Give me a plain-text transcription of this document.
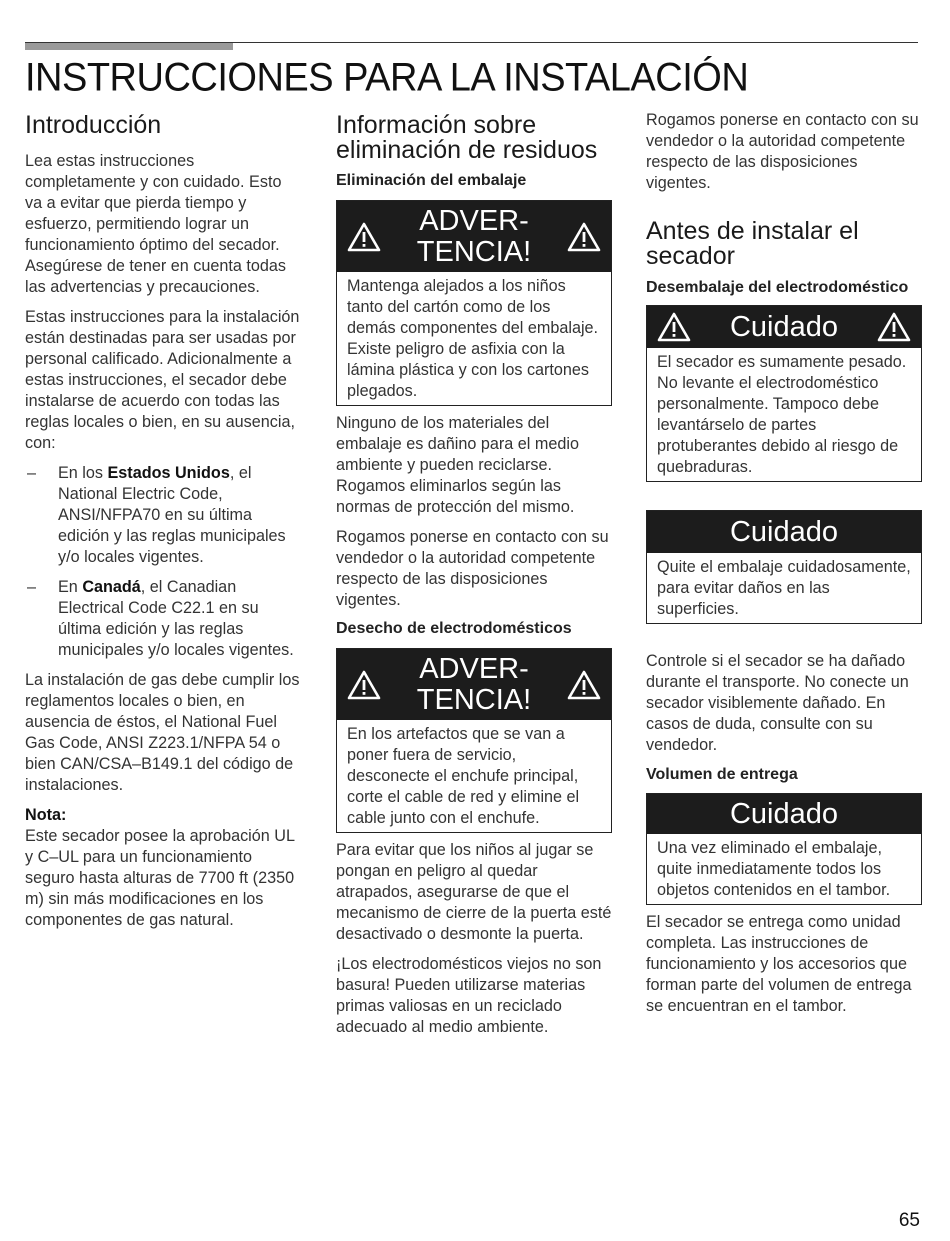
INSTRUCCIONES PARA LA INSTALACIÓN
Introducción

Lea estas instrucciones completamente y con cuidado. Esto va a evitar que pierda tiempo y esfuerzo, permitiendo lograr un funcionamiento óptimo del secador. Asegúrese de tener en cuenta todas las advertencias y precauciones.

Estas instrucciones para la instalación están destinadas para ser usadas por personal calificado. Adicionalmente a estas instrucciones, el secador debe instalarse de acuerdo con todas las reglas locales o bien, en su ausencia, con:

– En los Estados Unidos, el National Electric Code, ANSI/NFPA70 en su última edición y las reglas municipales y/o locales vigentes.
– En Canadá, el Canadian Electrical Code C22.1 en su última edición y las reglas municipales y/o locales vigentes.

La instalación de gas debe cumplir los reglamentos locales o bien, en ausencia de éstos, el National Fuel Gas Code, ANSI Z223.1/NFPA 54 o bien CAN/CSA–B149.1 del código de instalaciones.

Nota:

Este secador posee la aprobación UL y C–UL para un funcionamiento seguro hasta alturas de 7700 ft (2350 m) sin más modificaciones en los componentes de gas natural.

Información sobre eliminación de residuos
Eliminación del embalaje
ADVER-
TENCIA!
Mantenga alejados a los niños tanto del cartón como de los demás componentes del embalaje. Existe peligro de asfixia con la lámina plástica y con los cartones plegados.

Ninguno de los materiales del embalaje es dañino para el medio ambiente y pueden reciclarse. Rogamos eliminarlos según las normas de protección del mismo.

Rogamos ponerse en contacto con su vendedor o la autoridad competente respecto de las disposiciones vigentes.

Desecho de electrodomésticos
ADVER-
TENCIA!
En los artefactos que se van a poner fuera de servicio, desconecte el enchufe principal, corte el cable de red y elimine el cable junto con el enchufe.

Para evitar que los niños al jugar se pongan en peligro al quedar atrapados, asegurarse de que el mecanismo de cierre de la puerta esté desactivado o desmonte la puerta.

¡Los electrodomésticos viejos no son basura! Pueden utilizarse materias primas valiosas en un reciclado adecuado al medio ambiente.

Rogamos ponerse en contacto con su vendedor o la autoridad competente respecto de las disposiciones vigentes.

Antes de instalar el secador
Desembalaje del electrodoméstico
Cuidado
El secador es sumamente pesado. No levante el electrodoméstico personalmente. Tampoco debe levantárselo de partes protuberantes debido al riesgo de quebraduras.
Cuidado
Quite el embalaje cuidadosamente, para evitar daños en las superficies.

Controle si el secador se ha dañado durante el transporte. No conecte un secador visiblemente dañado. En casos de duda, consulte con su vendedor.

Volumen de entrega
Cuidado
Una vez eliminado el embalaje, quite inmediatamente todos los objetos contenidos en el tambor.

El secador se entrega como unidad completa. Las instrucciones de funcionamiento y los accesorios que forman parte del volumen de entrega se encuentran en el tambor.

65
